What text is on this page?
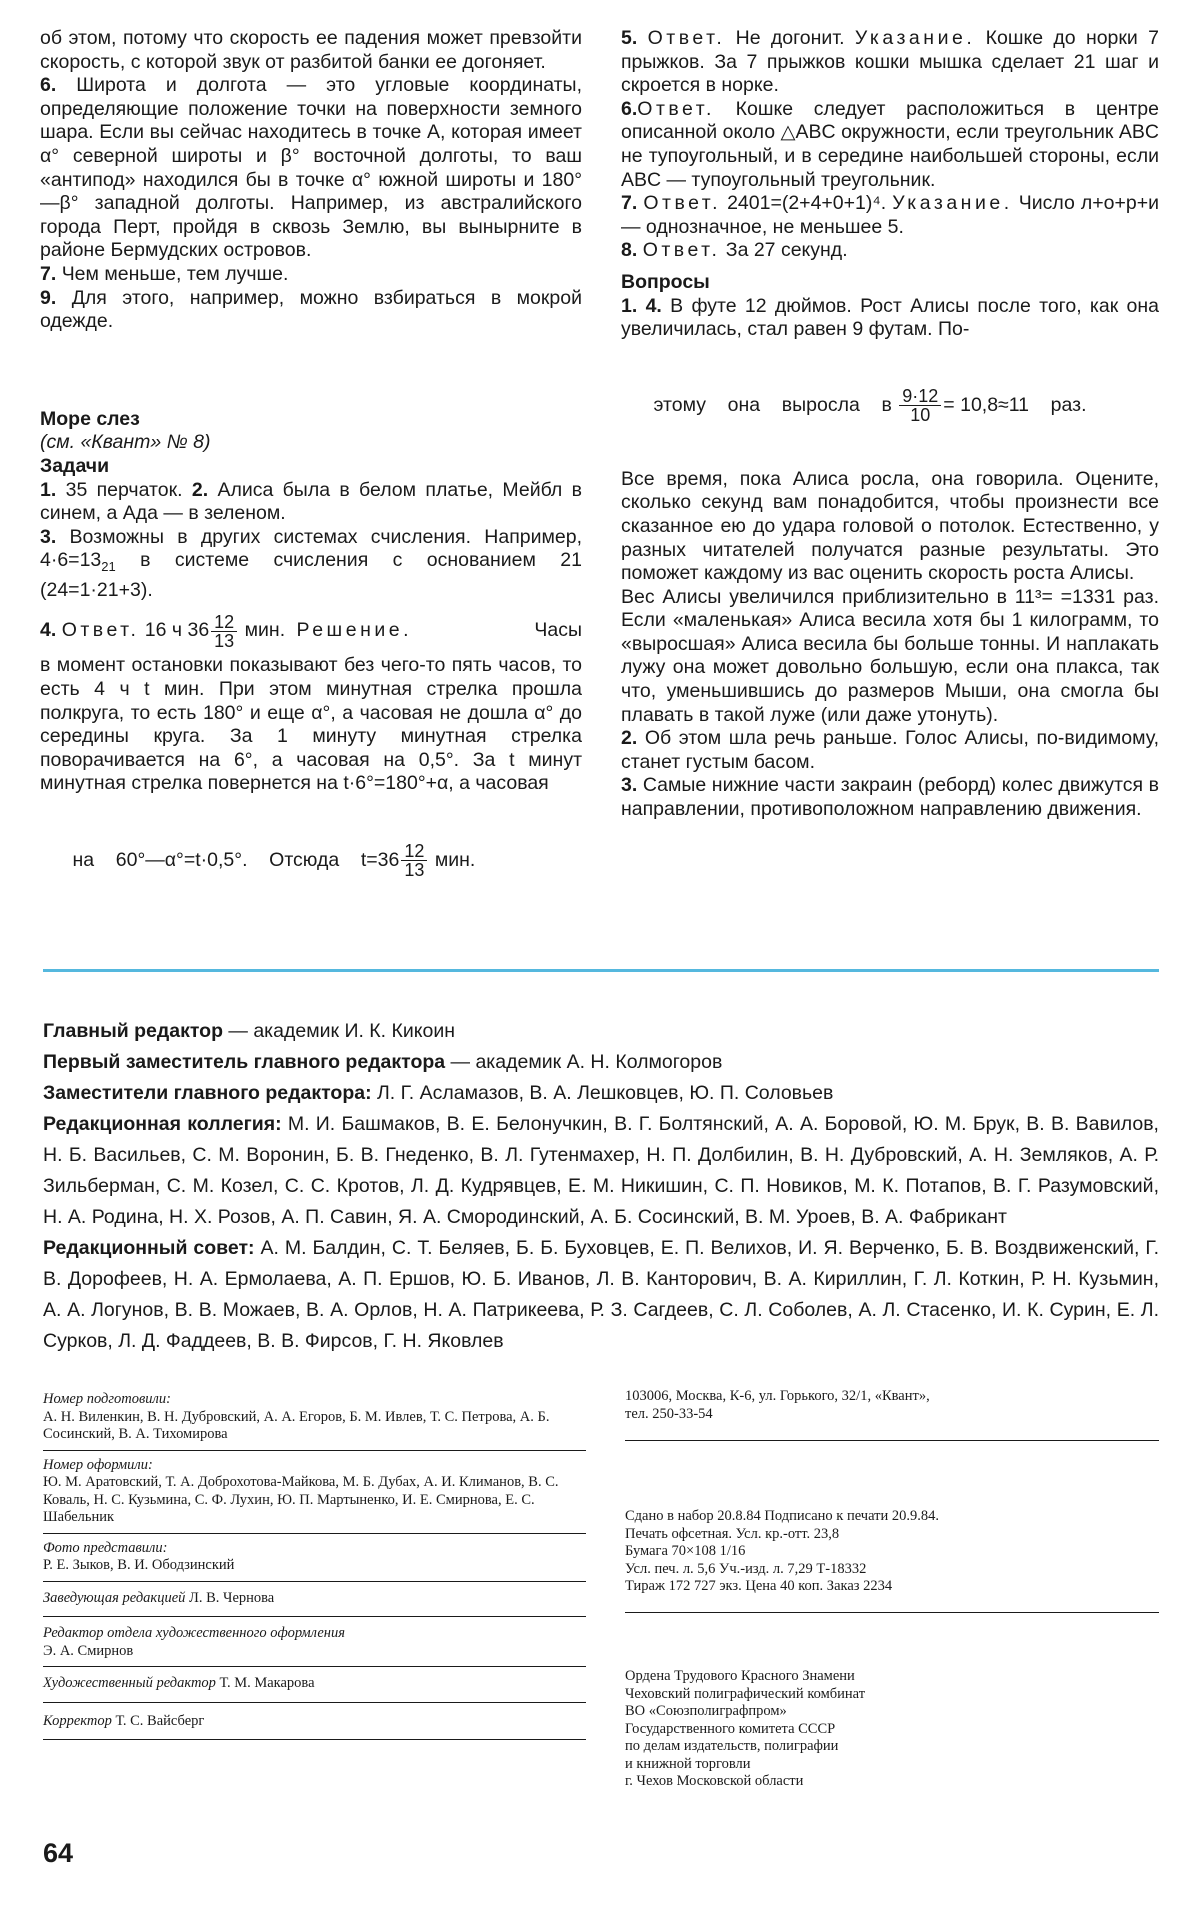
об этом, потому что скорость ее падения может превзойти скорость, с которой звук от разбитой банки ее догоняет.

6. Широта и долгота — это угловые координаты, определяющие положение точки на поверхности земного шара. Если вы сейчас находитесь в точке A, которая имеет α° северной широты и β° восточной долготы, то ваш «антипод» находился бы в точке α° южной широты и 180°—β° западной долготы. Например, из австралийского города Перт, пройдя в сквозь Землю, вы вынырните в районе Бермудских островов.

7. Чем меньше, тем лучше.

9. Для этого, например, можно взбираться в мокрой одежде.

Море слез

(см. «Квант» № 8)

Задачи

1. 35 перчаток. 2. Алиса была в белом платье, Мейбл в синем, а Ада — в зеленом.

3. Возможны в других системах счисления. Например, $4\cdot 6=13_{21}$ в системе счисления с основанием 21 (24=1·21+3).

4. Ответ. 16 ч $36 \frac{12}{13}$ мин. Решение.	Часы

в момент остановки показывают без чего-то пять часов, то есть 4 ч t мин. При этом минутная стрелка прошла полкруга, то есть 180° и еще α°, а часовая не дошла α° до середины круга. За 1 минуту минутная стрелка поворачивается на 6°, а часовая на 0,5°. За t минут минутная стрелка повернется на t·6°=180°+α, а часовая

на    60°—α°=t·0,5°.    Отсюда    $t=36 \frac{12}{13}$ мин.

5. Ответ. Не догонит. Указание. Кошке до норки 7 прыжков. За 7 прыжков кошки мышка сделает 21 шаг и скроется в норке.

6.Ответ. Кошке следует расположиться в центре описанной около △ABC окружности, если треугольник ABC не тупоугольный, и в середине наибольшей стороны, если ABC — тупоугольный треугольник.

7. Ответ. 2401=(2+4+0+1)⁴. Указание. Число л+о+р+и — однозначное, не меньшее 5.

8. Ответ. За 27 секунд.

Вопросы

1. 4. В футе 12 дюймов. Рост Алисы после того, как она увеличилась, стал равен 9 футам. По-

этому    она    выросла    в $\frac{9\cdot 12}{10} = 10,8\approx 11$    раз.

Все время, пока Алиса росла, она говорила. Оцените, сколько секунд вам понадобится, чтобы произнести все сказанное ею до удара головой о потолок. Естественно, у разных читателей получатся разные результаты. Это поможет каждому из вас оценить скорость роста Алисы.

Вес Алисы увеличился приблизительно в 11³= =1331 раз. Если «маленькая» Алиса весила хотя бы 1 килограмм, то «выросшая» Алиса весила бы больше тонны. И наплакать лужу она может довольно большую, если она плакса, так что, уменьшившись до размеров Мыши, она смогла бы плавать в такой луже (или даже утонуть).

2. Об этом шла речь раньше. Голос Алисы, по-видимому, станет густым басом.

3. Самые нижние части закраин (реборд) колес движутся в направлении, противоположном направлению движения.

Главный редактор — академик И. К. Кикоин

Первый заместитель главного редактора — академик А. Н. Колмогоров

Заместители главного редактора: Л. Г. Асламазов, В. А. Лешковцев, Ю. П. Соловьев

Редакционная коллегия: М. И. Башмаков, В. Е. Белонучкин, В. Г. Болтянский, А. А. Боровой, Ю. М. Брук, В. В. Вавилов, Н. Б. Васильев, С. М. Воронин, Б. В. Гнеденко, В. Л. Гутенмахер, Н. П. Долбилин, В. Н. Дубровский, А. Н. Земляков, А. Р. Зильберман, С. М. Козел, С. С. Кротов, Л. Д. Кудрявцев, Е. М. Никишин, С. П. Новиков, М. К. Потапов, В. Г. Разумовский, Н. А. Родина, Н. Х. Розов, А. П. Савин, Я. А. Смородинский, А. Б. Сосинский, В. М. Уроев, В. А. Фабрикант

Редакционный совет: А. М. Балдин, С. Т. Беляев, Б. Б. Буховцев, Е. П. Велихов, И. Я. Верченко, Б. В. Воздвиженский, Г. В. Дорофеев, Н. А. Ермолаева, А. П. Ершов, Ю. Б. Иванов, Л. В. Канторович, В. А. Кириллин, Г. Л. Коткин, Р. Н. Кузьмин, А. А. Логунов, В. В. Можаев, В. А. Орлов, Н. А. Патрикеева, Р. З. Сагдеев, С. Л. Соболев, А. Л. Стасенко, И. К. Сурин, Е. Л. Сурков, Л. Д. Фаддеев, В. В. Фирсов, Г. Н. Яковлев

Номер подготовили:
А. Н. Виленкин, В. Н. Дубровский, А. А. Егоров, Б. М. Ивлев, Т. С. Петрова, А. Б. Сосинский, В. А. Тихомирова
Номер оформили:
Ю. М. Аратовский, Т. А. Доброхотова-Майкова, М. Б. Дубах, А. И. Климанов, В. С. Коваль, Н. С. Кузьмина, С. Ф. Лухин, Ю. П. Мартыненко, И. Е. Смирнова, Е. С. Шабельник
Фото представили:
Р. Е. Зыков, В. И. Ободзинский
Заведующая редакцией Л. В. Чернова
Редактор отдела художественного оформления
Э. А. Смирнов
Художественный редактор Т. М. Макарова
Корректор Т. С. Вайсберг
103006, Москва, К-6, ул. Горького, 32/1, «Квант»,
тел. 250-33-54
Сдано в набор 20.8.84 Подписано к печати 20.9.84.
Печать офсетная. Усл. кр.-отт. 23,8
Бумага 70×108 1/16
Усл. печ. л. 5,6 Уч.-изд. л. 7,29 Т-18332
Тираж 172 727 экз. Цена 40 коп. Заказ 2234
Ордена Трудового Красного Знамени
Чеховский полиграфический комбинат
ВО «Союзполиграфпром»
Государственного комитета СССР
по делам издательств, полиграфии
и книжной торговли
г. Чехов Московской области
64
